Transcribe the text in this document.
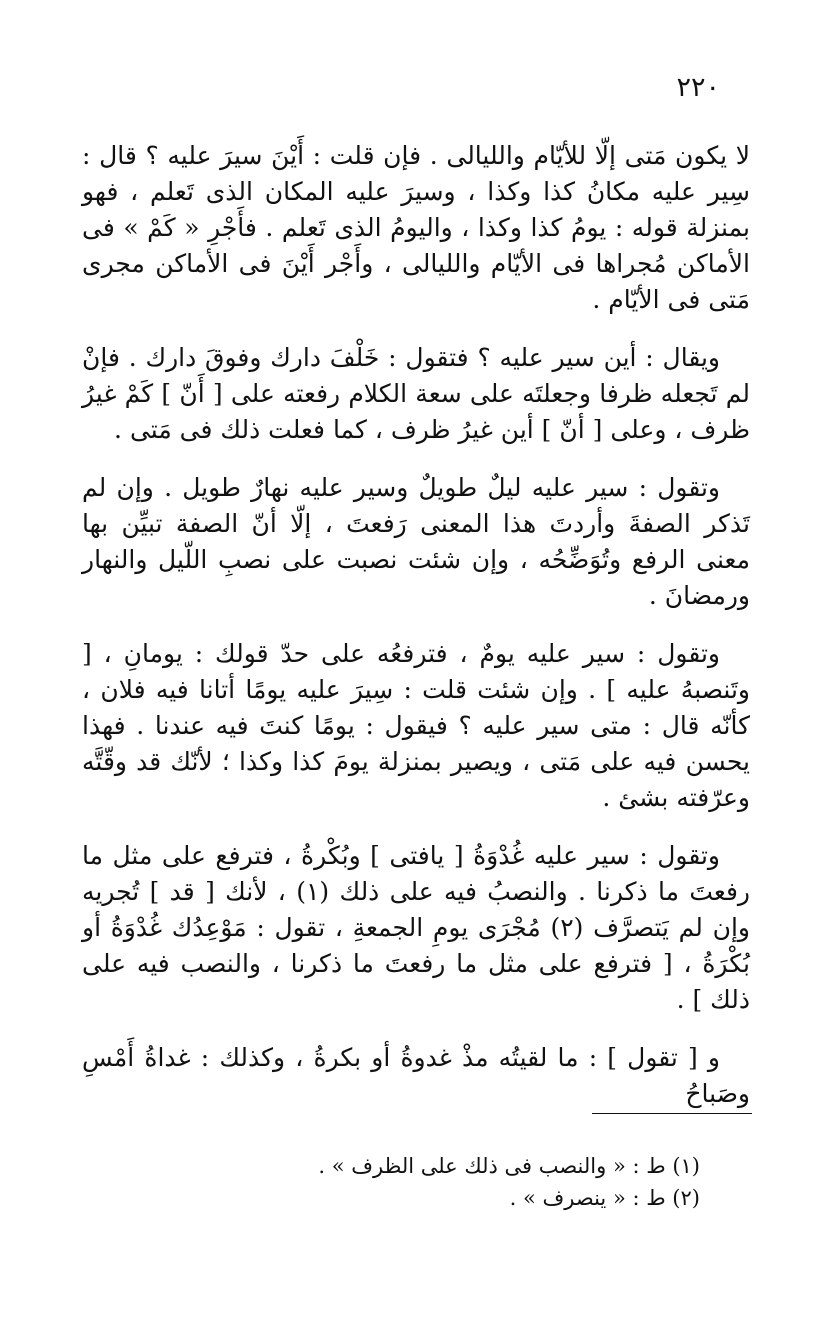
٢٢٠

لا يكون مَتى إلّا للأيّام والليالى . فإن قلت : أَيْنَ سيرَ عليه ؟ قال : سِير عليه مكانُ كذا وكذا ، وسيرَ عليه المكان الذى تَعلم ، فهو بمنزلة قوله : يومُ كذا وكذا ، واليومُ الذى تَعلم . فأَجْرِ « كَمْ » فى الأماكن مُجراها فى الأيّام والليالى ، وأَجْر أَيْنَ فى الأماكن مجرى مَتى فى الأيّام .

ويقال : أين سير عليه ؟ فتقول : خَلْفَ دارك وفوقَ دارك . فإنْ لم تَجعله ظرفا وجعلتَه على سعة الكلام رفعته على [ أَنّ ] كَمْ غيرُ ظرف ، وعلى [ أنّ ] أين غيرُ ظرف ، كما فعلت ذلك فى مَتى .

وتقول : سير عليه ليلٌ طويلٌ وسير عليه نهارٌ طويل . وإن لم تَذكر الصفةَ وأردتَ هذا المعنى رَفعتَ ، إلّا أنّ الصفة تبيِّن بها معنى الرفع وتُوَضِّحُه ، وإن شئت نصبت على نصبِ اللّيل والنهار ورمضانَ .

وتقول : سير عليه يومٌ ، فترفعُه على حدّ قولك : يومانِ ، [ وتَنصبهُ عليه ] . وإن شئت قلت : سِيرَ عليه يومًا أتانا فيه فلان ، كأنّه قال : متى سير عليه ؟ فيقول : يومًا كنتَ فيه عندنا . فهذا يحسن فيه على مَتى ، ويصير بمنزلة يومَ كذا وكذا ؛ لأنّك قد وقّتَّه وعرّفته بشئ .

وتقول : سير عليه غُدْوَةُ [ يافتى ] وبُكْرةُ ، فترفع على مثل ما رفعتَ ما ذكرنا . والنصبُ فيه على ذلك (١) ، لأنك [ قد ] تُجريه وإن لم يَتصرَّف (٢) مُجْرَى يومِ الجمعةِ ، تقول : مَوْعِدُك غُدْوَةُ أو بُكْرَةُ ، [ فترفع على مثل ما رفعتَ ما ذكرنا ، والنصب فيه على ذلك ] .

و [ تقول ] : ما لقيتُه مذْ غدوةُ أو بكرةُ ، وكذلك : غداةُ أَمْسِ وصَباحُ

(١) ط : « والنصب فى ذلك على الظرف » .

(٢) ط : « ينصرف » .
